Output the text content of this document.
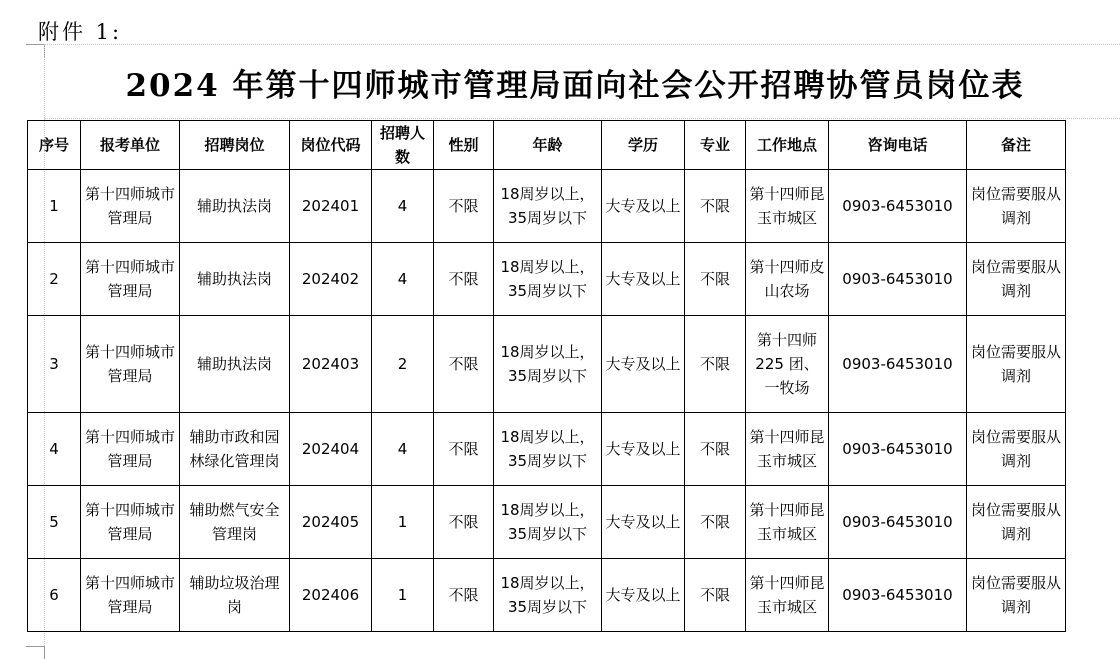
附件 1:
2024 年第十四师城市管理局面向社会公开招聘协管员岗位表
序号	报考单位	招聘岗位	岗位代码	招聘人数	性别	年龄	学历	专业	工作地点	咨询电话	备注
1	第十四师城市管理局	辅助执法岗	202401	4	不限	18周岁以上，35周岁以下	大专及以上	不限	第十四师昆玉市城区	0903-6453010	岗位需要服从调剂
2	第十四师城市管理局	辅助执法岗	202402	4	不限	18周岁以上，35周岁以下	大专及以上	不限	第十四师皮山农场	0903-6453010	岗位需要服从调剂
3	第十四师城市管理局	辅助执法岗	202403	2	不限	18周岁以上，35周岁以下	大专及以上	不限	第十四师 225 团、一牧场	0903-6453010	岗位需要服从调剂
4	第十四师城市管理局	辅助市政和园林绿化管理岗	202404	4	不限	18周岁以上，35周岁以下	大专及以上	不限	第十四师昆玉市城区	0903-6453010	岗位需要服从调剂
5	第十四师城市管理局	辅助燃气安全管理岗	202405	1	不限	18周岁以上，35周岁以下	大专及以上	不限	第十四师昆玉市城区	0903-6453010	岗位需要服从调剂
6	第十四师城市管理局	辅助垃圾治理岗	202406	1	不限	18周岁以上，35周岁以下	大专及以上	不限	第十四师昆玉市城区	0903-6453010	岗位需要服从调剂
